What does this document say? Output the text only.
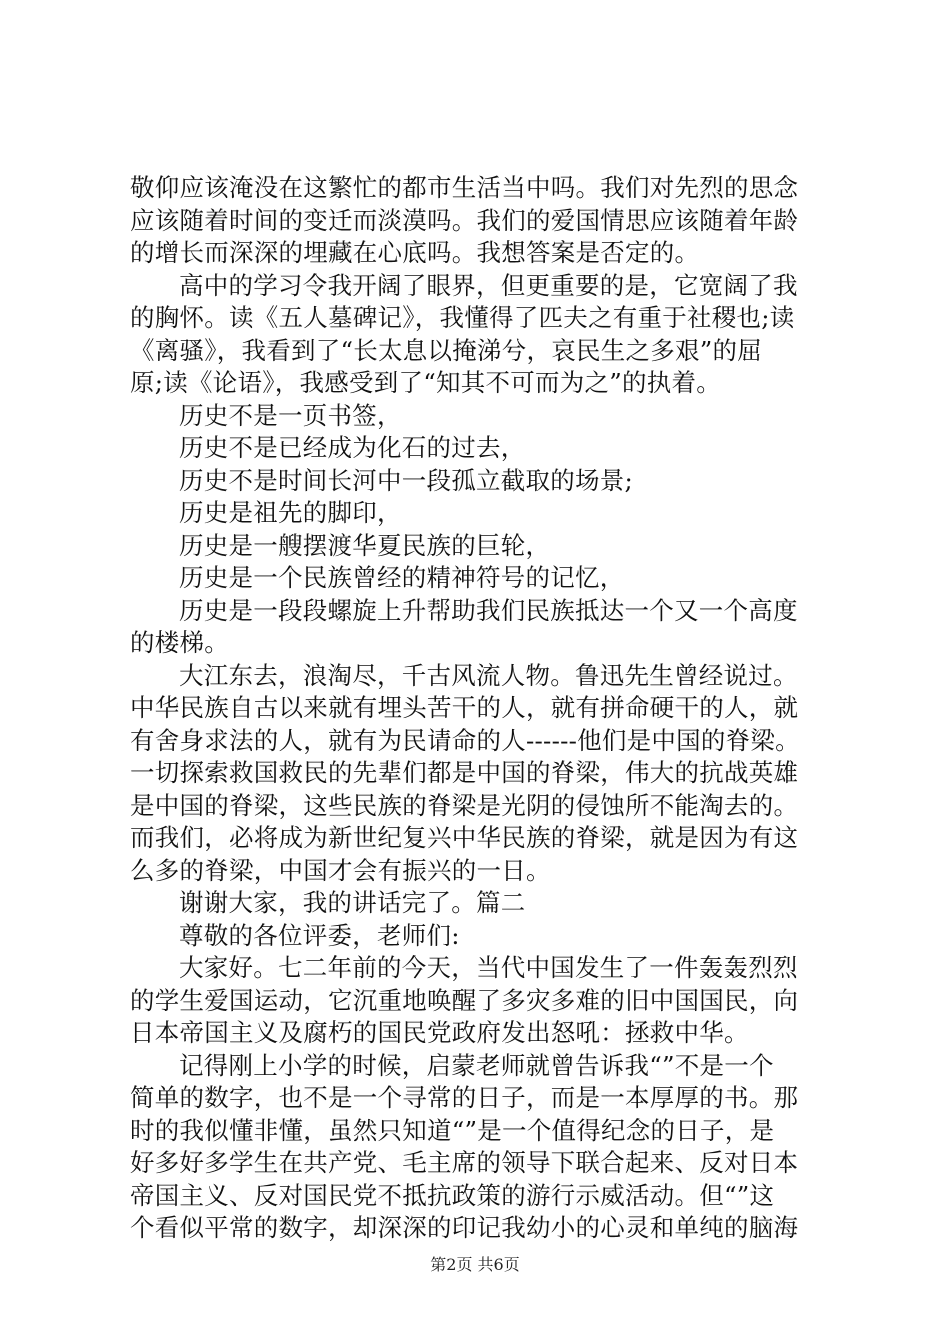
敬仰应该淹没在这繁忙的都市生活当中吗。我们对先烈的思念
应该随着时间的变迁而淡漠吗。我们的爱国情思应该随着年龄
的增长而深深的埋藏在心底吗。我想答案是否定的。
高中的学习令我开阔了眼界，但更重要的是，它宽阔了我
的胸怀。读《五人墓碑记》，我懂得了匹夫之有重于社稷也;读
《离骚》，我看到了“长太息以掩涕兮，哀民生之多艰”的屈
原;读《论语》，我感受到了“知其不可而为之”的执着。
历史不是一页书签，
历史不是已经成为化石的过去，
历史不是时间长河中一段孤立截取的场景;
历史是祖先的脚印，
历史是一艘摆渡华夏民族的巨轮，
历史是一个民族曾经的精神符号的记忆，
历史是一段段螺旋上升帮助我们民族抵达一个又一个高度
的楼梯。
大江东去，浪淘尽，千古风流人物。鲁迅先生曾经说过。
中华民族自古以来就有埋头苦干的人，就有拼命硬干的人，就
有舍身求法的人，就有为民请命的人------他们是中国的脊梁。
一切探索救国救民的先辈们都是中国的脊梁，伟大的抗战英雄
是中国的脊梁，这些民族的脊梁是光阴的侵蚀所不能淘去的。
而我们，必将成为新世纪复兴中华民族的脊梁，就是因为有这
么多的脊梁，中国才会有振兴的一日。
谢谢大家，我的讲话完了。篇二
尊敬的各位评委，老师们:
大家好。七二年前的今天，当代中国发生了一件轰轰烈烈
的学生爱国运动，它沉重地唤醒了多灾多难的旧中国国民，向
日本帝国主义及腐朽的国民党政府发出怒吼：拯救中华。
记得刚上小学的时候，启蒙老师就曾告诉我“”不是一个
简单的数字，也不是一个寻常的日子，而是一本厚厚的书。那
时的我似懂非懂，虽然只知道“”是一个值得纪念的日子，是
好多好多学生在共产党、毛主席的领导下联合起来、反对日本
帝国主义、反对国民党不抵抗政策的游行示威活动。但“”这
个看似平常的数字，却深深的印记我幼小的心灵和单纯的脑海
第2页 共6页
